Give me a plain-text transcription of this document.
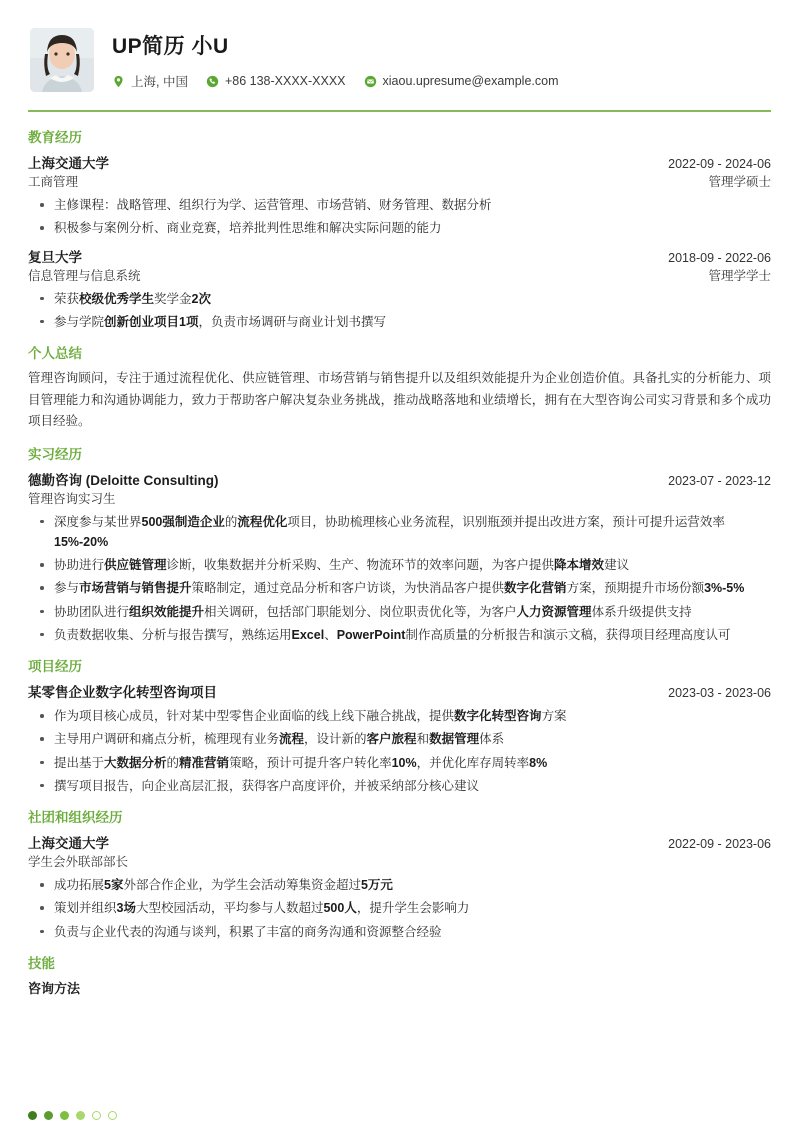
UP简历 小U
上海, 中国	+86 138-XXXX-XXXX	xiaou.upresume@example.com
教育经历
上海交通大学	2022-09 - 2024-06
工商管理	管理学硕士
主修课程：战略管理、组织行为学、运营管理、市场营销、财务管理、数据分析
积极参与案例分析、商业竞赛，培养批判性思维和解决实际问题的能力
复旦大学	2018-09 - 2022-06
信息管理与信息系统	管理学学士
荣获校级优秀学生奖学金2次
参与学院创新创业项目1项，负责市场调研与商业计划书撰写
个人总结
管理咨询顾问，专注于通过流程优化、供应链管理、市场营销与销售提升以及组织效能提升为企业创造价值。具备扎实的分析能力、项目管理能力和沟通协调能力，致力于帮助客户解决复杂业务挑战，推动战略落地和业绩增长，拥有在大型咨询公司实习背景和多个成功项目经验。
实习经历
德勤咨询 (Deloitte Consulting)	2023-07 - 2023-12
管理咨询实习生
深度参与某世界500强制造企业的流程优化项目，协助梳理核心业务流程，识别瓶颈并提出改进方案，预计可提升运营效率15%-20%
协助进行供应链管理诊断，收集数据并分析采购、生产、物流环节的效率问题，为客户提供降本增效建议
参与市场营销与销售提升策略制定，通过竞品分析和客户访谈，为快消品客户提供数字化营销方案，预期提升市场份额3%-5%
协助团队进行组织效能提升相关调研，包括部门职能划分、岗位职责优化等，为客户人力资源管理体系升级提供支持
负责数据收集、分析与报告撰写，熟练运用Excel、PowerPoint制作高质量的分析报告和演示文稿，获得项目经理高度认可
项目经历
某零售企业数字化转型咨询项目	2023-03 - 2023-06
作为项目核心成员，针对某中型零售企业面临的线上线下融合挑战，提供数字化转型咨询方案
主导用户调研和痛点分析，梳理现有业务流程，设计新的客户旅程和数据管理体系
提出基于大数据分析的精准营销策略，预计可提升客户转化率10%，并优化库存周转率8%
撰写项目报告，向企业高层汇报，获得客户高度评价，并被采纳部分核心建议
社团和组织经历
上海交通大学	2022-09 - 2023-06
学生会外联部部长
成功拓展5家外部合作企业，为学生会活动筹集资金超过5万元
策划并组织3场大型校园活动，平均参与人数超过500人，提升学生会影响力
负责与企业代表的沟通与谈判，积累了丰富的商务沟通和资源整合经验
技能
咨询方法
